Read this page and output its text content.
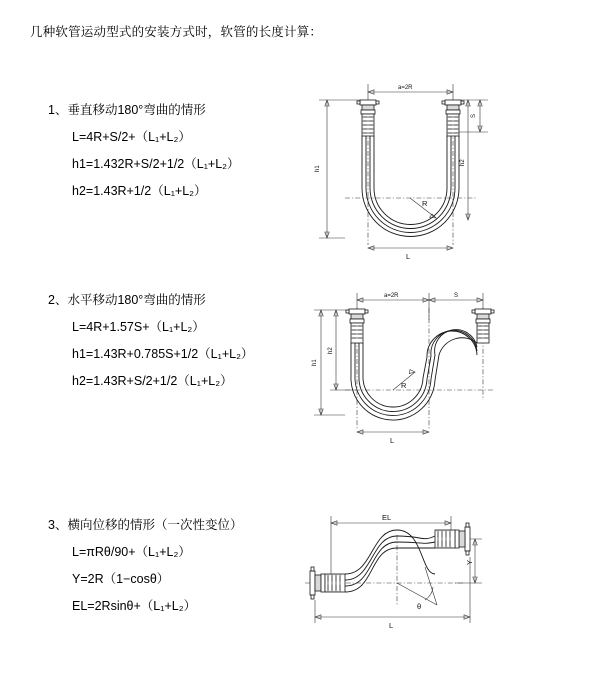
几种软管运动型式的安装方式时，软管的长度计算：
1、垂直移动180°弯曲的情形
L=4R+S/2+（L₁+L₂）
h1=1.432R+S/2+1/2（L₁+L₂）
h2=1.43R+1/2（L₁+L₂）
a=2R
h1
S
h2
R
L
2、水平移动180°弯曲的情形
L=4R+1.57S+（L₁+L₂）
h1=1.43R+0.785S+1/2（L₁+L₂）
h2=1.43R+S/2+1/2（L₁+L₂）
a=2R	S
h1
h2
R
L
3、横向位移的情形（一次性变位）
L=πRθ/90+（L₁+L₂）
Y=2R（1−cosθ）
EL=2Rsinθ+（L₁+L₂）
EL
Y
θ
L
